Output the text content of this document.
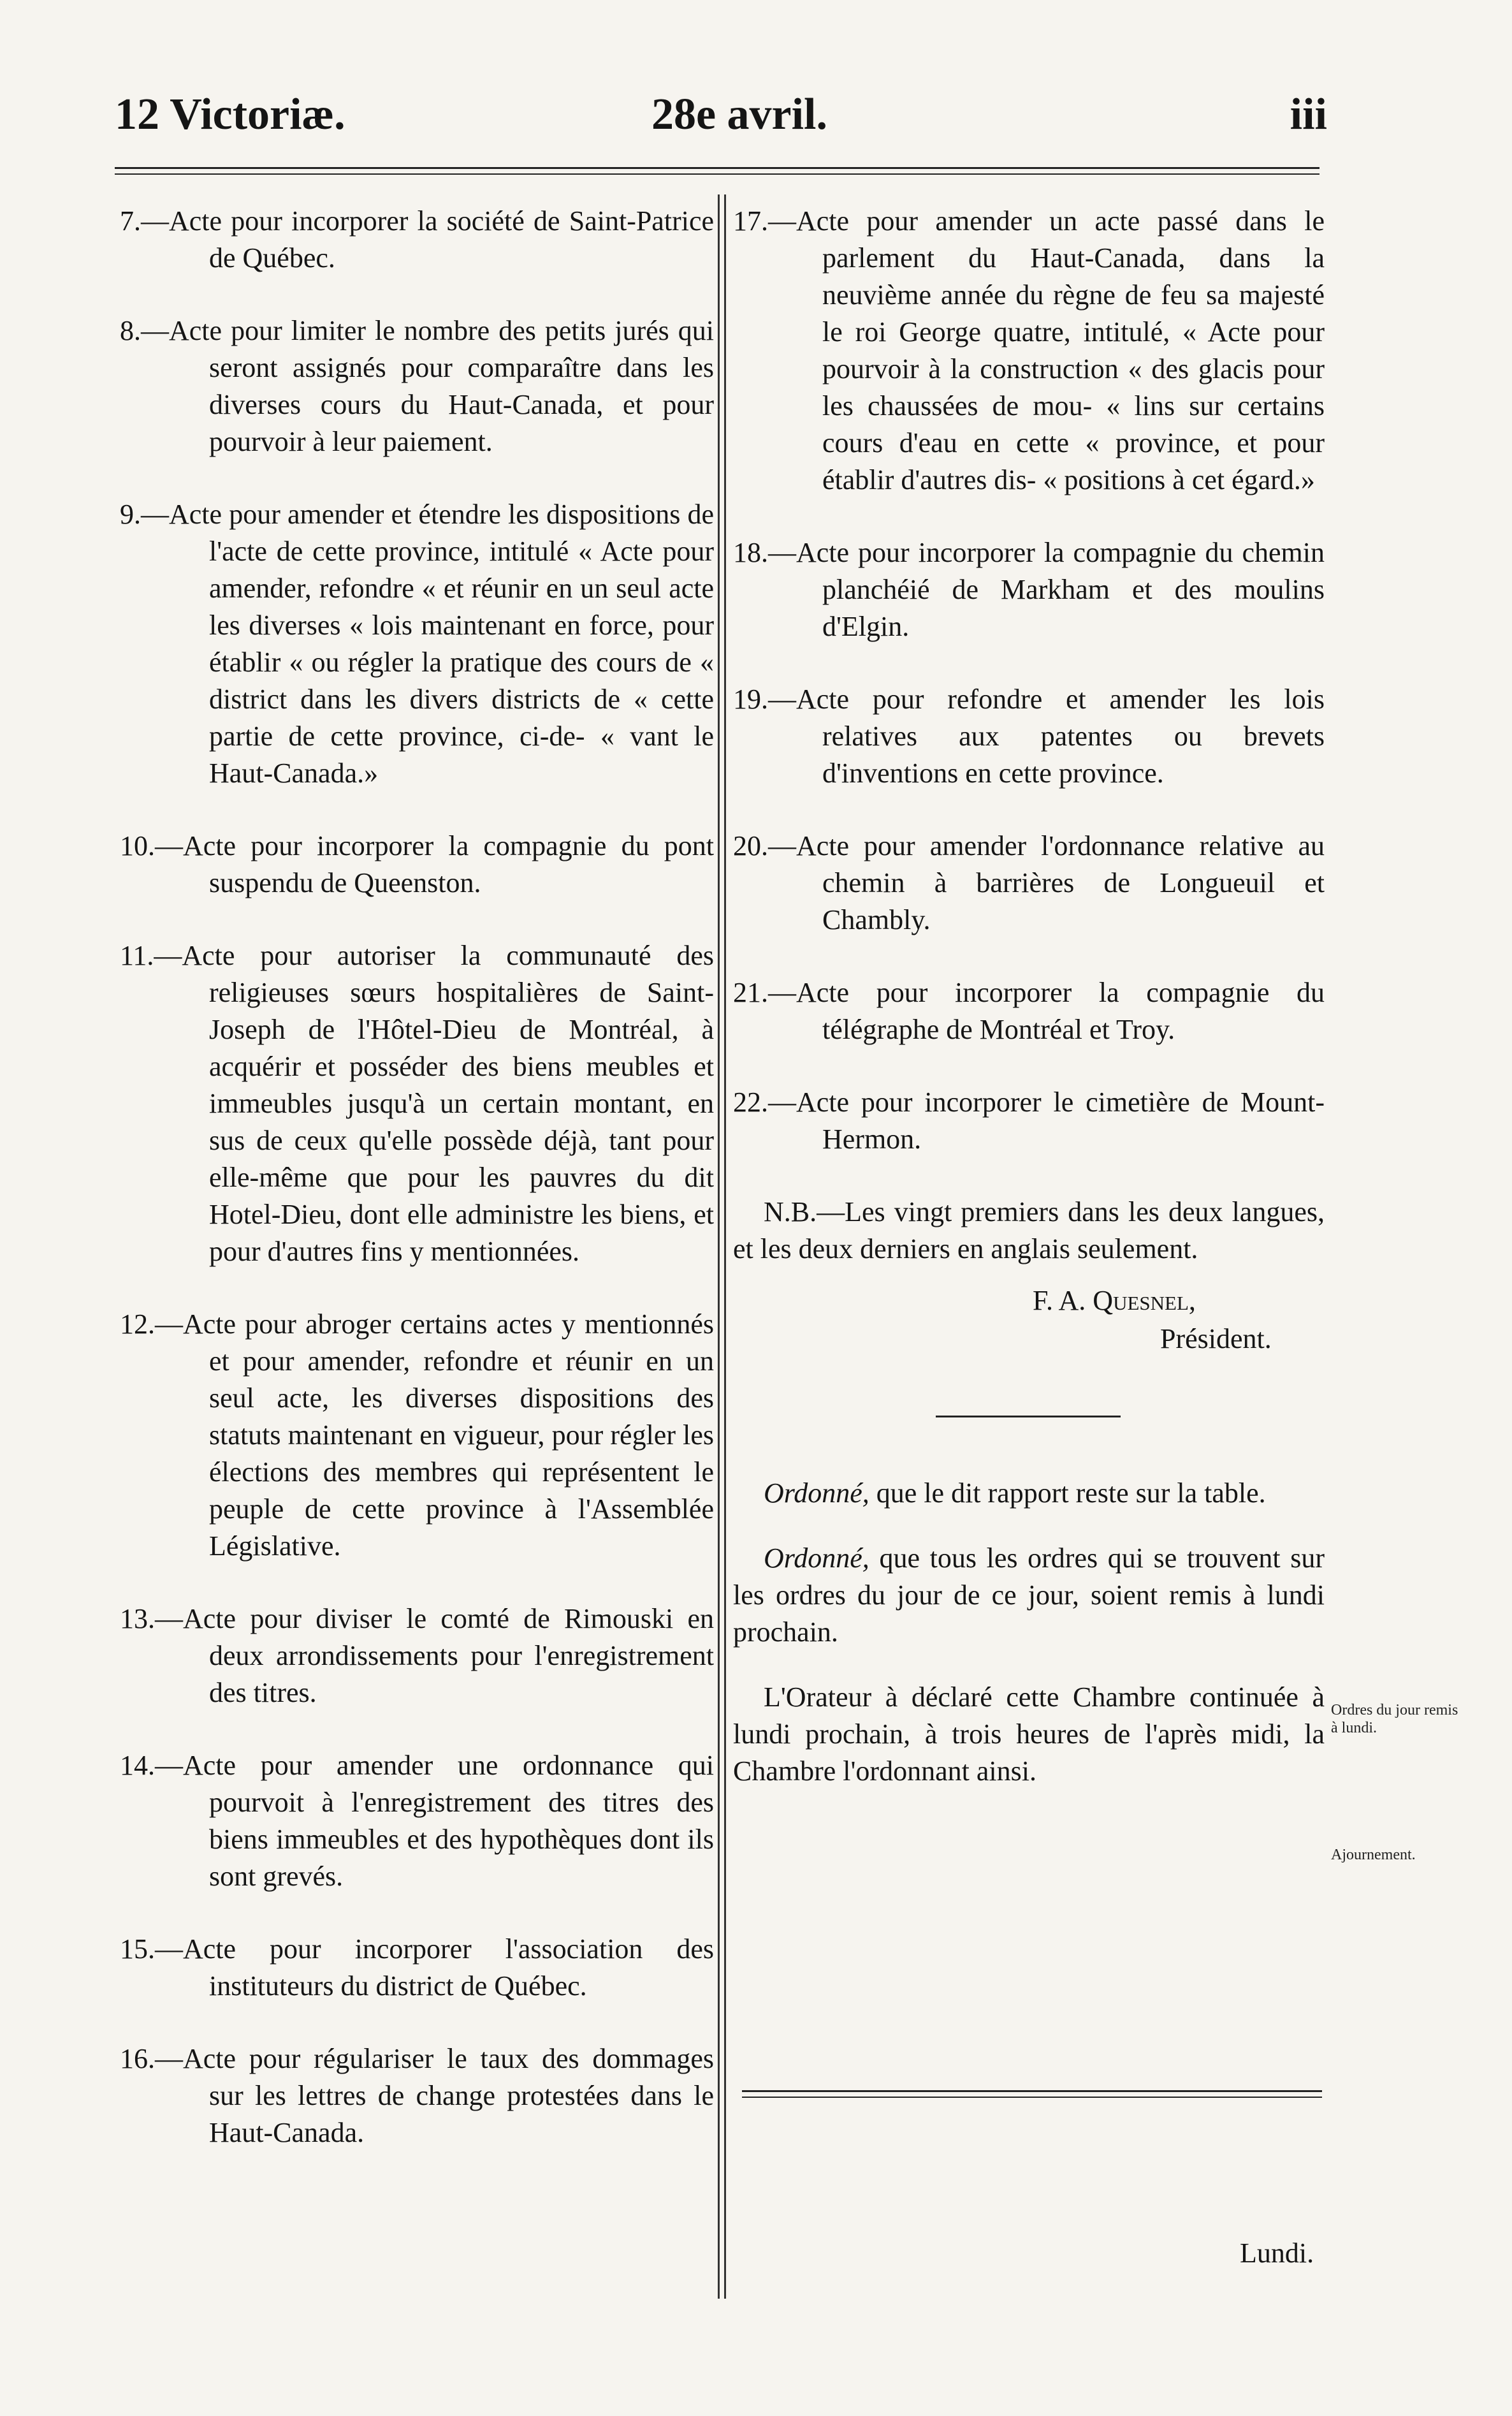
12 Victoriæ.	28e avril.	iii

7.—Acte pour incorporer la société de Saint-Patrice de Québec.

8.—Acte pour limiter le nombre des petits jurés qui seront assignés pour comparaître dans les diverses cours du Haut-Canada, et pour pourvoir à leur paiement.

9.—Acte pour amender et étendre les dispositions de l'acte de cette province, intitulé « Acte pour amender, refondre « et réunir en un seul acte les diverses « lois maintenant en force, pour établir « ou régler la pratique des cours de « district dans les divers districts de « cette partie de cette province, ci-de- « vant le Haut-Canada.»

10.—Acte pour incorporer la compagnie du pont suspendu de Queenston.

11.—Acte pour autoriser la communauté des religieuses sœurs hospitalières de Saint-Joseph de l'Hôtel-Dieu de Montréal, à acquérir et posséder des biens meubles et immeubles jusqu'à un certain montant, en sus de ceux qu'elle possède déjà, tant pour elle-même que pour les pauvres du dit Hotel-Dieu, dont elle administre les biens, et pour d'autres fins y mentionnées.

12.—Acte pour abroger certains actes y mentionnés et pour amender, refondre et réunir en un seul acte, les diverses dispositions des statuts maintenant en vigueur, pour régler les élections des membres qui représentent le peuple de cette province à l'Assemblée Législative.

13.—Acte pour diviser le comté de Rimouski en deux arrondissements pour l'enregistrement des titres.

14.—Acte pour amender une ordonnance qui pourvoit à l'enregistrement des titres des biens immeubles et des hypothèques dont ils sont grevés.

15.—Acte pour incorporer l'association des instituteurs du district de Québec.

16.—Acte pour régulariser le taux des dommages sur les lettres de change protestées dans le Haut-Canada.

17.—Acte pour amender un acte passé dans le parlement du Haut-Canada, dans la neuvième année du règne de feu sa majesté le roi George quatre, intitulé, « Acte pour pourvoir à la construction « des glacis pour les chaussées de mou- « lins sur certains cours d'eau en cette « province, et pour établir d'autres dis- « positions à cet égard.»

18.—Acte pour incorporer la compagnie du chemin planchéié de Markham et des moulins d'Elgin.

19.—Acte pour refondre et amender les lois relatives aux patentes ou brevets d'inventions en cette province.

20.—Acte pour amender l'ordonnance relative au chemin à barrières de Longueuil et Chambly.

21.—Acte pour incorporer la compagnie du télégraphe de Montréal et Troy.

22.—Acte pour incorporer le cimetière de Mount-Hermon.

N.B.—Les vingt premiers dans les deux langues, et les deux derniers en anglais seulement.

F. A. Quesnel,
Président.

Ordonné, que le dit rapport reste sur la table.

Ordonné, que tous les ordres qui se trouvent sur les ordres du jour de ce jour, soient remis à lundi prochain.

L'Orateur à déclaré cette Chambre continuée à lundi prochain, à trois heures de l'après midi, la Chambre l'ordonnant ainsi.

Ordres du jour remis à lundi.
Ajournement.
Lundi.
